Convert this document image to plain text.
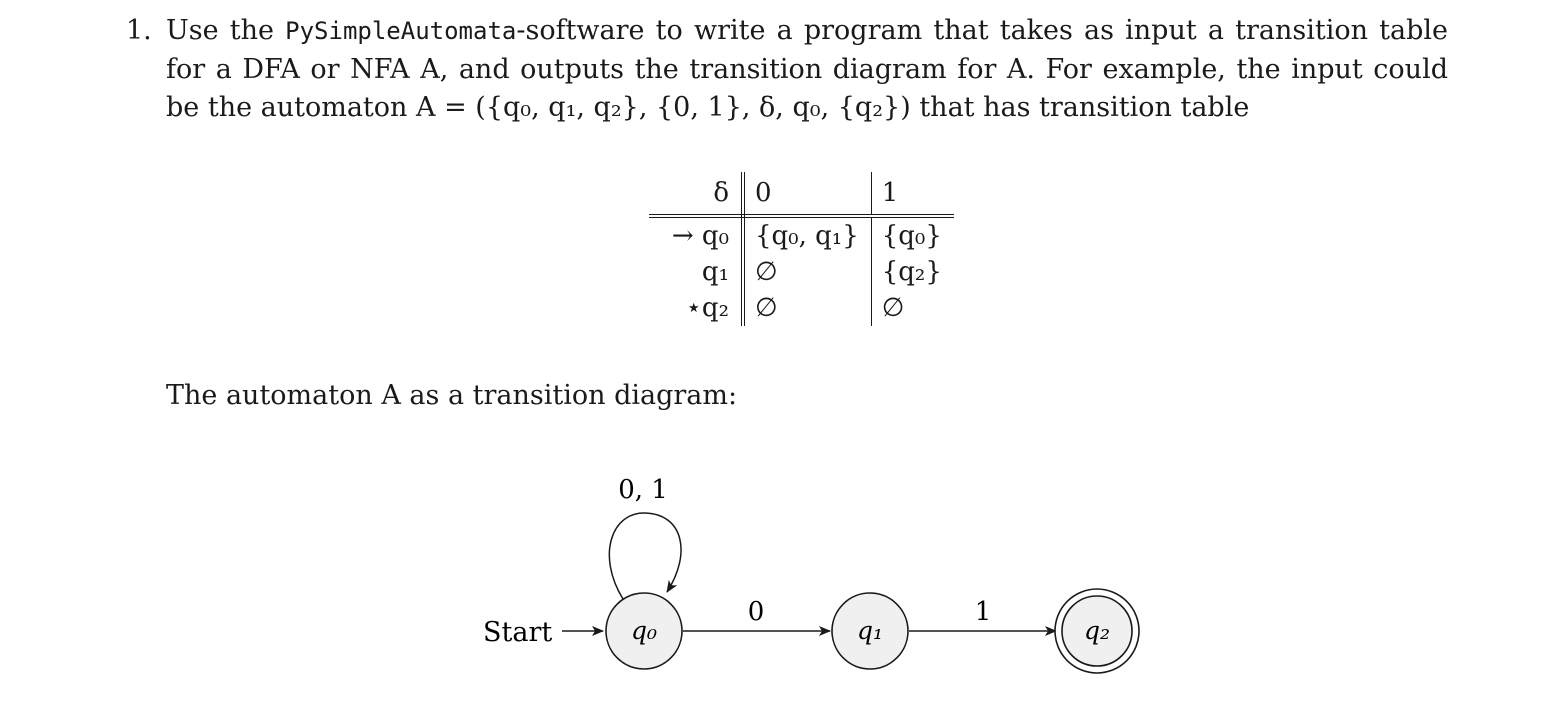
1. Use the PySimpleAutomata-software to write a program that takes as input a transition table
for a DFA or NFA A, and outputs the transition diagram for A. For example, the input could
be the automaton A = ({q₀, q₁, q₂}, {0, 1}, δ, q₀, {q₂}) that has transition table
δ	0	1
→ q₀	{q₀, q₁}	{q₀}
q₁	∅	{q₂}
⋆q₂	∅	∅
The automaton A as a transition diagram:
Start
0, 1
0	1
q₀	q₁	q₂
